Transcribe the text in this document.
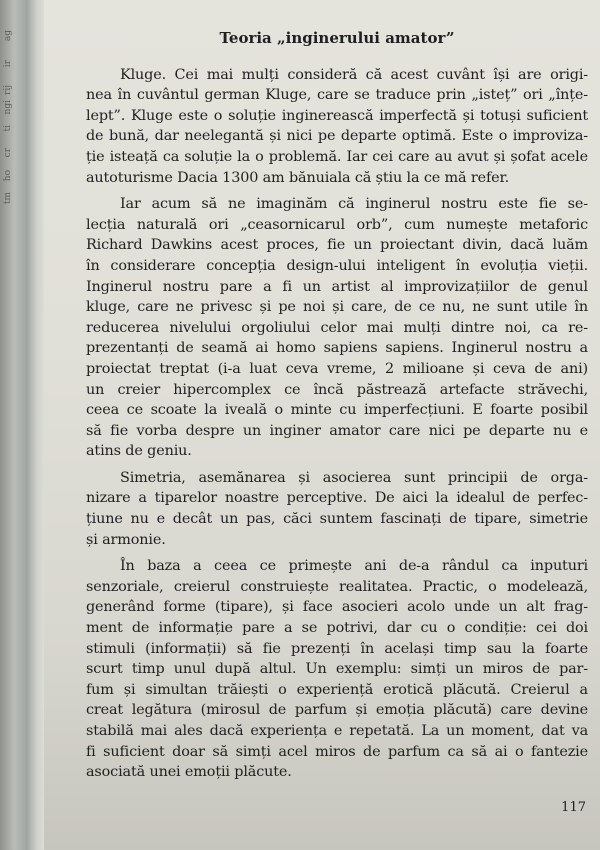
ag
ir
rij
ngi
ti
cr
ho
tm
Teoria „inginerului amator”
Kluge. Cei mai mulți consideră că acest cuvânt își are origi-
nea în cuvântul german Kluge, care se traduce prin „isteț” ori „înțe-
lept”. Kluge este o soluție inginerească imperfectă și totuși suficient
de bună, dar neelegantă și nici pe departe optimă. Este o improviza-
ție isteață ca soluție la o problemă. Iar cei care au avut și șofat acele
autoturisme Dacia 1300 am bănuiala că știu la ce mă refer.
Iar acum să ne imaginăm că inginerul nostru este fie se-
lecția naturală ori „ceasornicarul orb”, cum numește metaforic
Richard Dawkins acest proces, fie un proiectant divin, dacă luăm
în considerare concepția design-ului inteligent în evoluția vieții.
Inginerul nostru pare a fi un artist al improvizațiilor de genul
kluge, care ne privesc și pe noi și care, de ce nu, ne sunt utile în
reducerea nivelului orgoliului celor mai mulți dintre noi, ca re-
prezentanți de seamă ai homo sapiens sapiens. Inginerul nostru a
proiectat treptat (i-a luat ceva vreme, 2 milioane și ceva de ani)
un creier hipercomplex ce încă păstrează artefacte străvechi,
ceea ce scoate la iveală o minte cu imperfecțiuni. E foarte posibil
să fie vorba despre un inginer amator care nici pe departe nu e
atins de geniu.
Simetria, asemănarea și asocierea sunt principii de orga-
nizare a tiparelor noastre perceptive. De aici la idealul de perfec-
țiune nu e decât un pas, căci suntem fascinați de tipare, simetrie
și armonie.
În baza a ceea ce primește ani de-a rândul ca inputuri
senzoriale, creierul construiește realitatea. Practic, o modelează,
generând forme (tipare), și face asocieri acolo unde un alt frag-
ment de informație pare a se potrivi, dar cu o condiție: cei doi
stimuli (informații) să fie prezenți în același timp sau la foarte
scurt timp unul după altul. Un exemplu: simți un miros de par-
fum și simultan trăiești o experiență erotică plăcută. Creierul a
creat legătura (mirosul de parfum și emoția plăcută) care devine
stabilă mai ales dacă experiența e repetată. La un moment, dat va
fi suficient doar să simți acel miros de parfum ca să ai o fantezie
asociată unei emoții plăcute.
117
